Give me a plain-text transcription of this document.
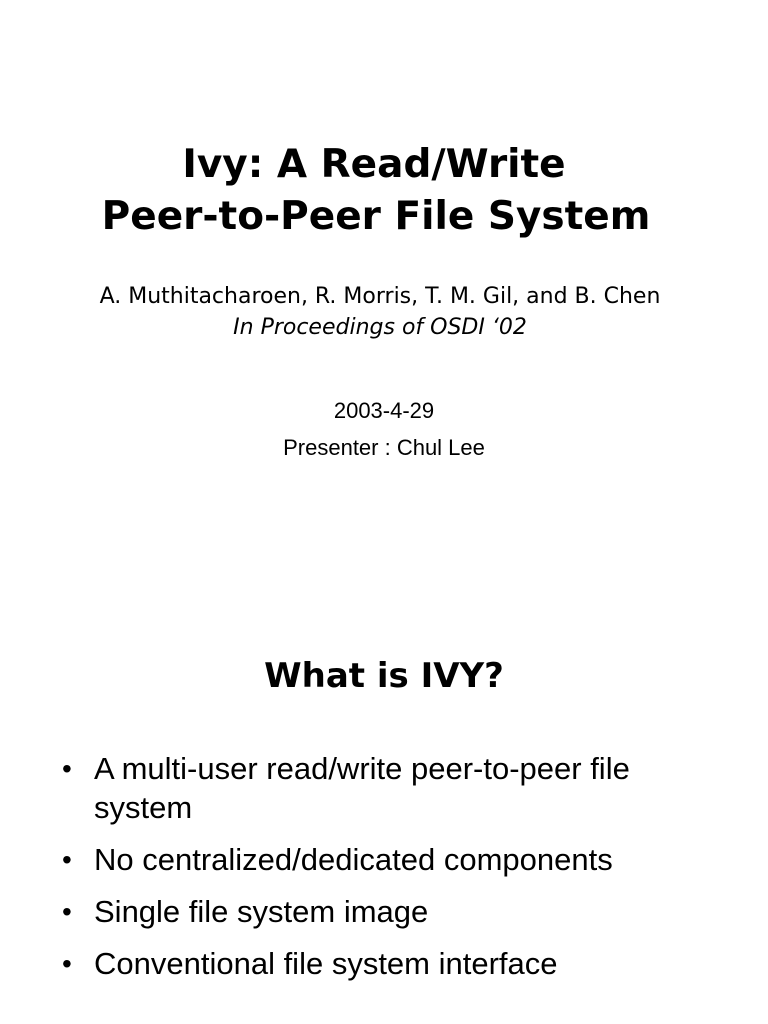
Ivy: A Read/Write
Peer-to-Peer File System
A. Muthitacharoen, R. Morris, T. M. Gil, and B. Chen
In Proceedings of OSDI ‘02
2003-4-29
Presenter : Chul Lee
What is IVY?
• A multi-user read/write peer-to-peer file system
• No centralized/dedicated components
• Single file system image
• Conventional file system interface
